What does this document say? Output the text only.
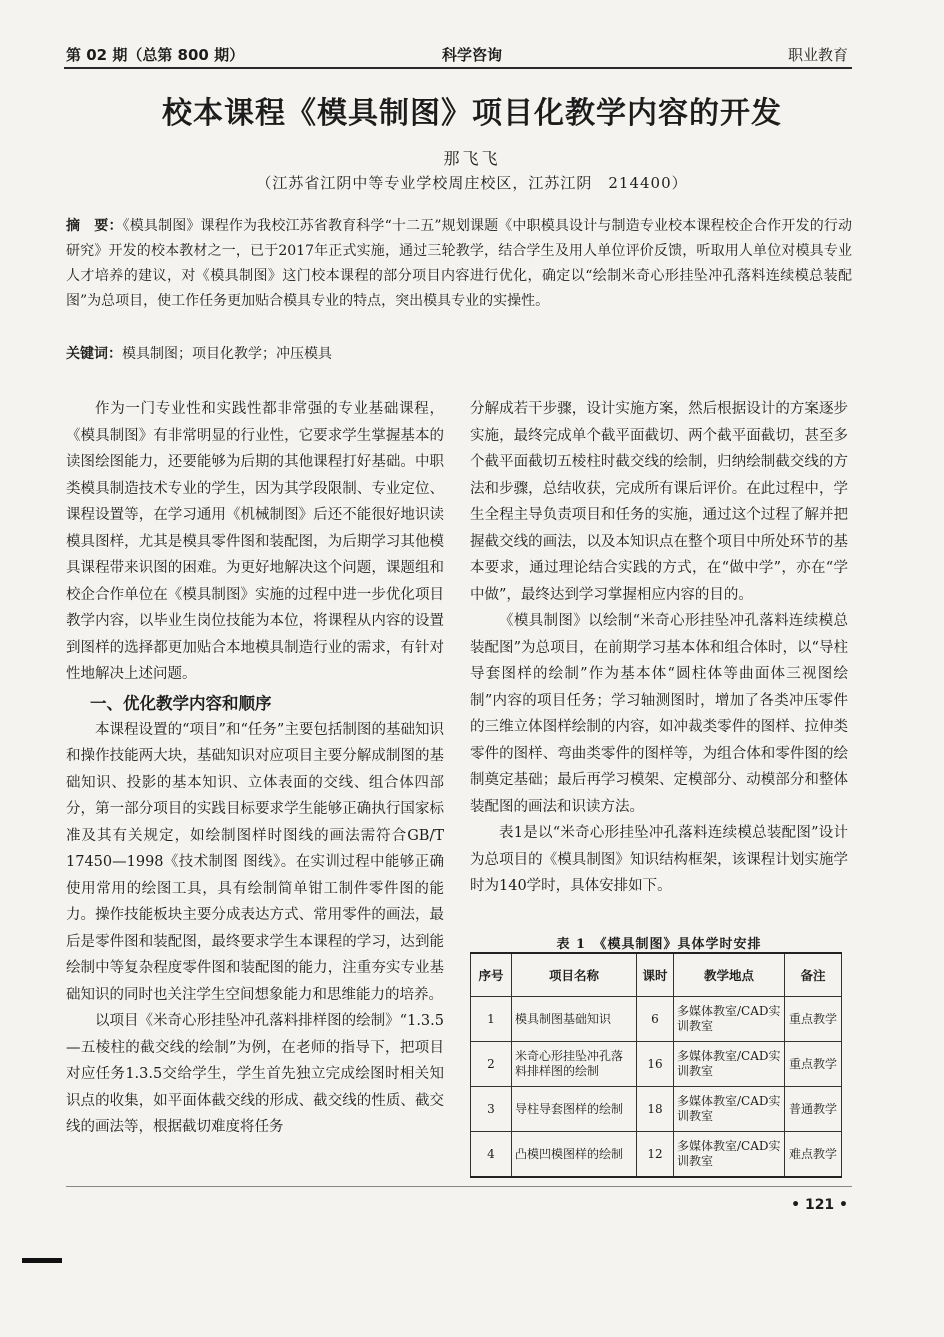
第 02 期（总第 800 期）	科学咨询	职业教育
校本课程《模具制图》项目化教学内容的开发
那飞飞
（江苏省江阴中等专业学校周庄校区，江苏江阴　214400）
摘　要：《模具制图》课程作为我校江苏省教育科学“十二五”规划课题《中职模具设计与制造专业校本课程校企合作开发的行动研究》开发的校本教材之一，已于2017年正式实施，通过三轮教学，结合学生及用人单位评价反馈，听取用人单位对模具专业人才培养的建议，对《模具制图》这门校本课程的部分项目内容进行优化，确定以“绘制米奇心形挂坠冲孔落料连续模总装配图”为总项目，使工作任务更加贴合模具专业的特点，突出模具专业的实操性。
关键词：模具制图；项目化教学；冲压模具

作为一门专业性和实践性都非常强的专业基础课程，《模具制图》有非常明显的行业性，它要求学生掌握基本的读图绘图能力，还要能够为后期的其他课程打好基础。中职类模具制造技术专业的学生，因为其学段限制、专业定位、课程设置等，在学习通用《机械制图》后还不能很好地识读模具图样，尤其是模具零件图和装配图，为后期学习其他模具课程带来识图的困难。为更好地解决这个问题，课题组和校企合作单位在《模具制图》实施的过程中进一步优化项目教学内容，以毕业生岗位技能为本位，将课程从内容的设置到图样的选择都更加贴合本地模具制造行业的需求，有针对性地解决上述问题。

一、优化教学内容和顺序

本课程设置的“项目”和“任务”主要包括制图的基础知识和操作技能两大块，基础知识对应项目主要分解成制图的基础知识、投影的基本知识、立体表面的交线、组合体四部分，第一部分项目的实践目标要求学生能够正确执行国家标准及其有关规定，如绘制图样时图线的画法需符合GB/T 17450—1998《技术制图 图线》。在实训过程中能够正确使用常用的绘图工具，具有绘制简单钳工制件零件图的能力。操作技能板块主要分成表达方式、常用零件的画法，最后是零件图和装配图，最终要求学生本课程的学习，达到能绘制中等复杂程度零件图和装配图的能力，注重夯实专业基础知识的同时也关注学生空间想象能力和思维能力的培养。

以项目《米奇心形挂坠冲孔落料排样图的绘制》“1.3.5—五棱柱的截交线的绘制”为例，在老师的指导下，把项目对应任务1.3.5交给学生，学生首先独立完成绘图时相关知识点的收集，如平面体截交线的形成、截交线的性质、截交线的画法等，根据截切难度将任务

分解成若干步骤，设计实施方案，然后根据设计的方案逐步实施，最终完成单个截平面截切、两个截平面截切，甚至多个截平面截切五棱柱时截交线的绘制，归纳绘制截交线的方法和步骤，总结收获，完成所有课后评价。在此过程中，学生全程主导负责项目和任务的实施，通过这个过程了解并把握截交线的画法，以及本知识点在整个项目中所处环节的基本要求，通过理论结合实践的方式，在“做中学”，亦在“学中做”，最终达到学习掌握相应内容的目的。

《模具制图》以绘制“米奇心形挂坠冲孔落料连续模总装配图”为总项目，在前期学习基本体和组合体时，以“导柱导套图样的绘制”作为基本体“圆柱体等曲面体三视图绘制”内容的项目任务；学习轴测图时，增加了各类冲压零件的三维立体图样绘制的内容，如冲裁类零件的图样、拉伸类零件的图样、弯曲类零件的图样等，为组合体和零件图的绘制奠定基础；最后再学习模架、定模部分、动模部分和整体装配图的画法和识读方法。

表1是以“米奇心形挂坠冲孔落料连续模总装配图”设计为总项目的《模具制图》知识结构框架，该课程计划实施学时为140学时，具体安排如下。

表 1　《模具制图》具体学时安排
序号	项目名称	课时	教学地点	备注
1	模具制图基础知识	6	多媒体教室/CAD实训教室	重点教学
2	米奇心形挂坠冲孔落料排样图的绘制	16	多媒体教室/CAD实训教室	重点教学
3	导柱导套图样的绘制	18	多媒体教室/CAD实训教室	普通教学
4	凸模凹模图样的绘制	12	多媒体教室/CAD实训教室	难点教学
• 121 •
